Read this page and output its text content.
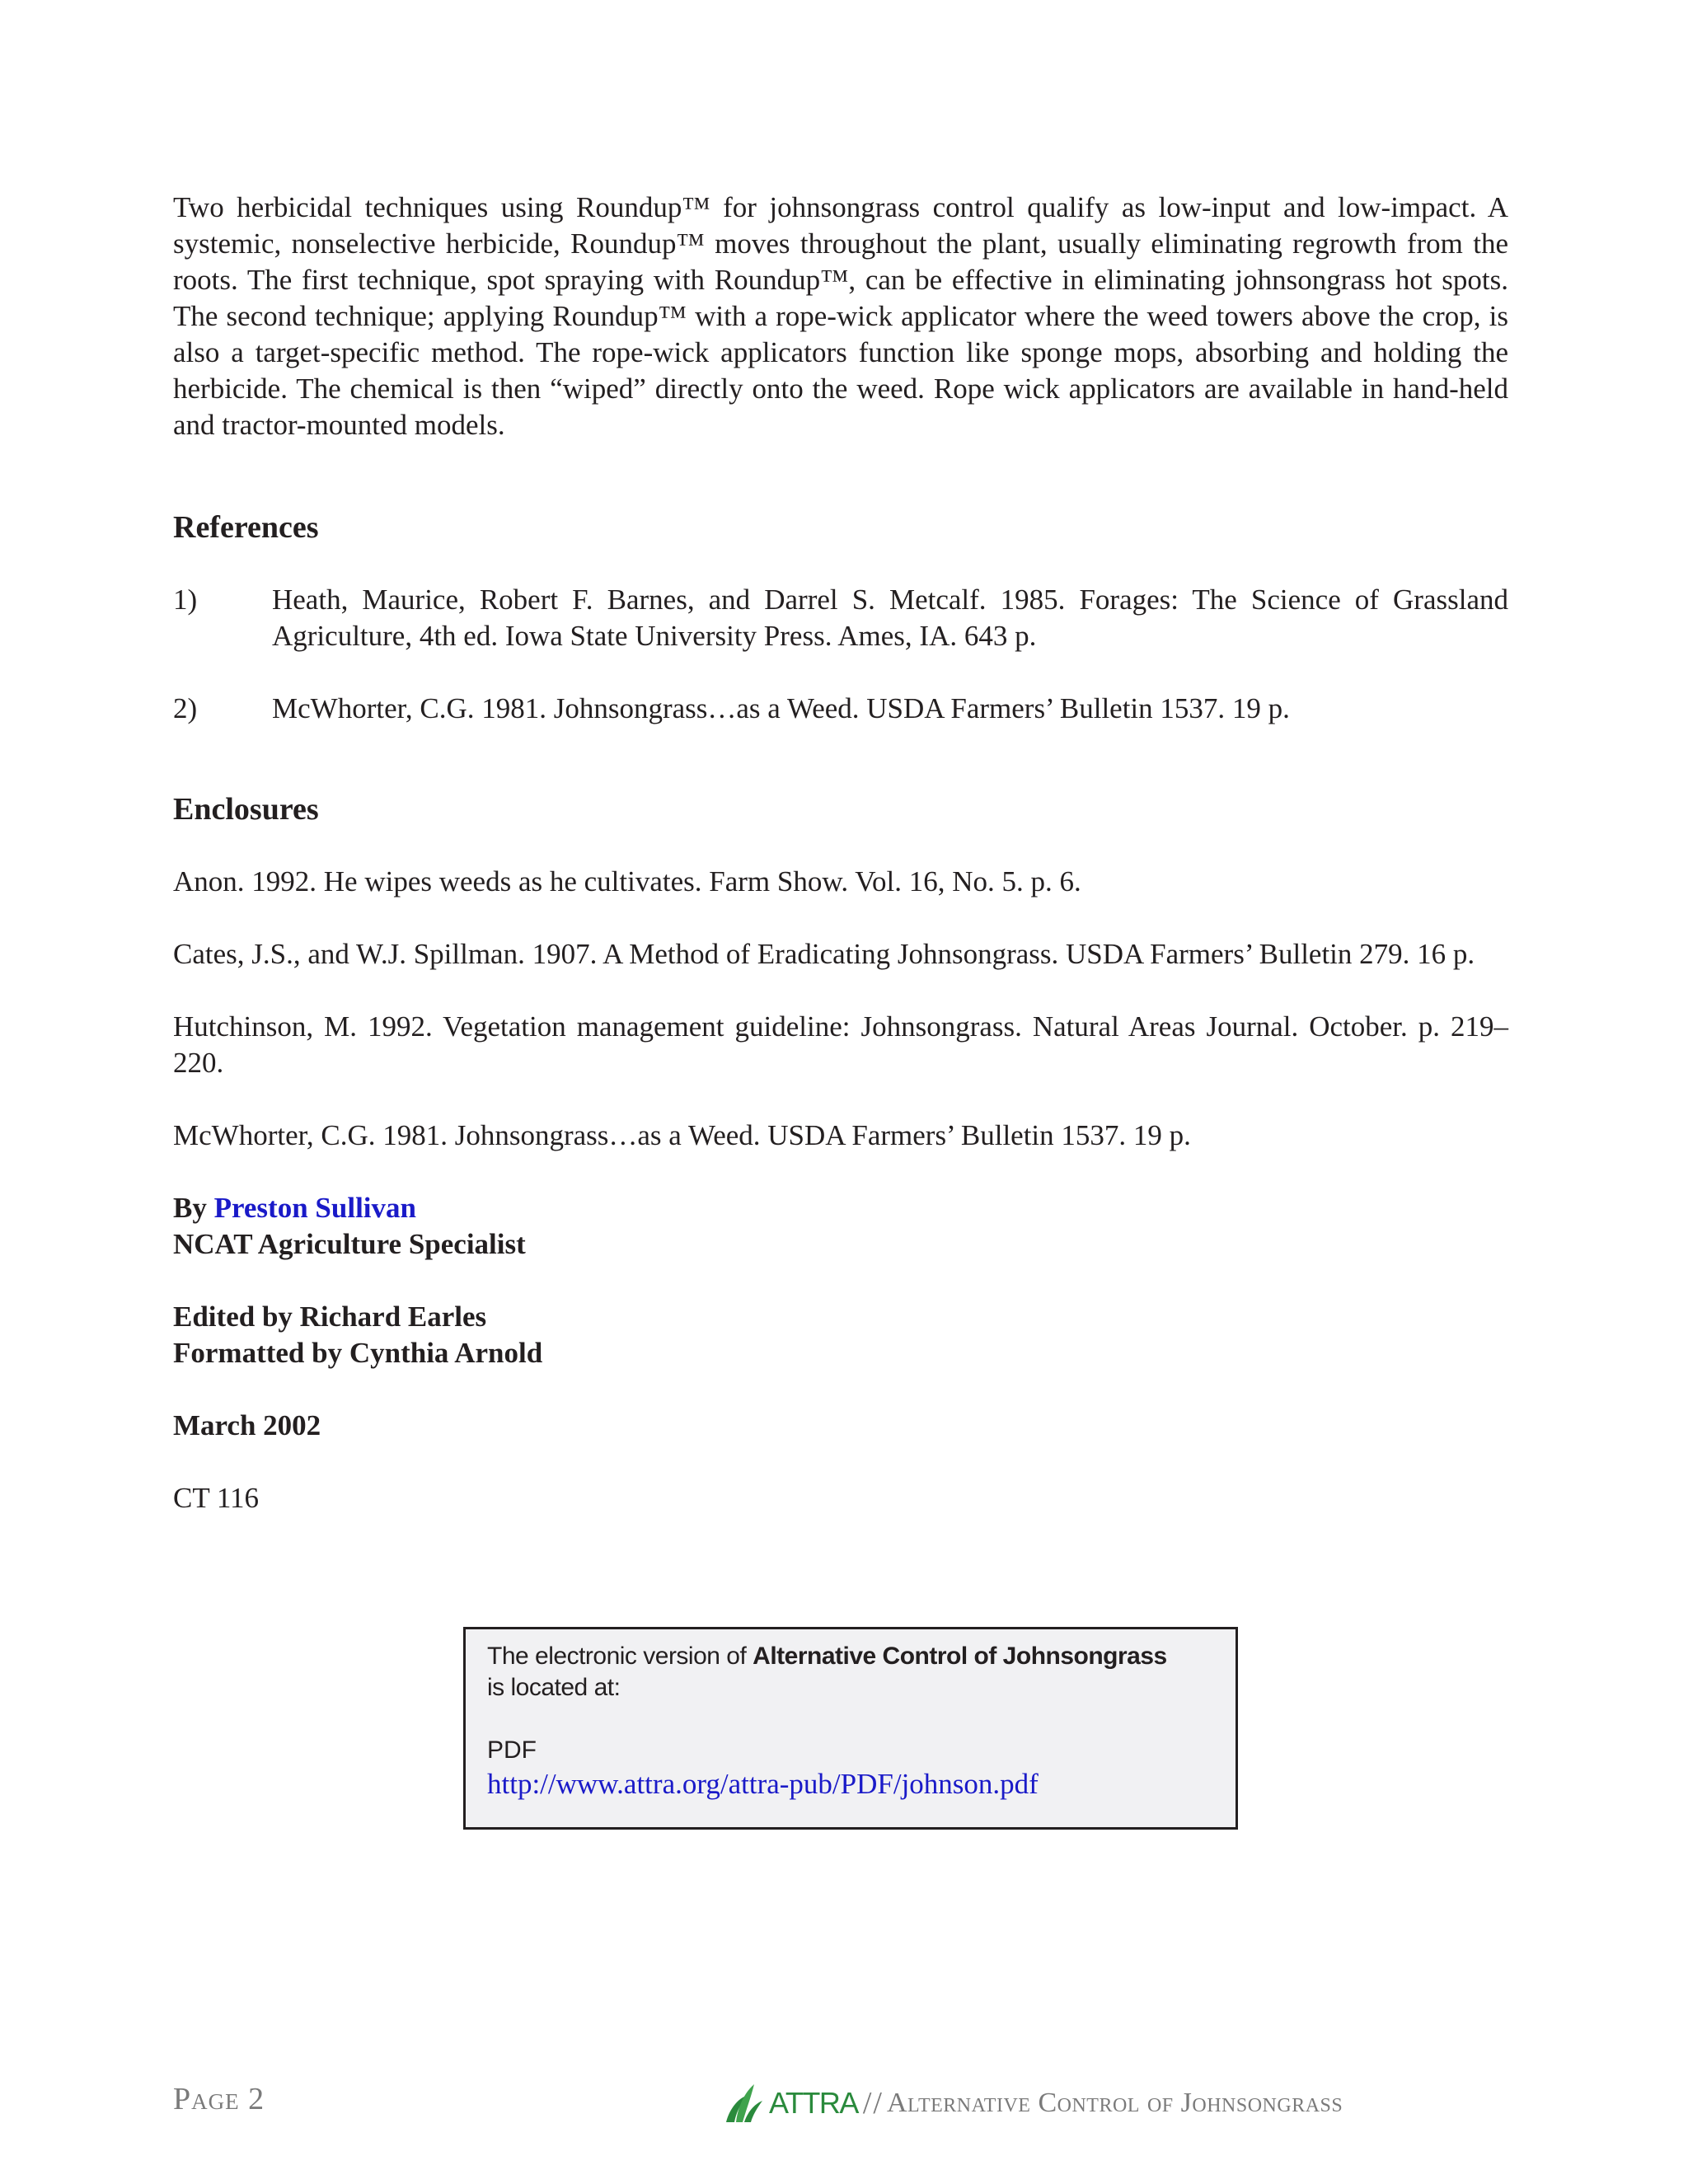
Two herbicidal techniques using Roundup™ for johnsongrass control qualify as low-input and low-impact. A systemic, nonselective herbicide, Roundup™ moves throughout the plant, usually eliminating regrowth from the roots. The first technique, spot spraying with Roundup™, can be effective in eliminating johnsongrass hot spots. The second technique; applying Roundup™ with a rope-wick applicator where the weed towers above the crop, is also a target-specific method. The rope-wick applicators function like sponge mops, absorbing and holding the herbicide. The chemical is then “wiped” directly onto the weed. Rope wick applicators are available in hand-held and tractor-mounted models.

References
1)	Heath, Maurice, Robert F. Barnes, and Darrel S. Metcalf. 1985. Forages: The Science of Grassland Agriculture, 4th ed. Iowa State University Press. Ames, IA. 643 p.
2)	McWhorter, C.G. 1981. Johnsongrass…as a Weed. USDA Farmers’ Bulletin 1537. 19 p.
Enclosures

Anon. 1992. He wipes weeds as he cultivates. Farm Show. Vol. 16, No. 5. p. 6.

Cates, J.S., and W.J. Spillman. 1907. A Method of Eradicating Johnsongrass. USDA Farmers’ Bulletin 279. 16 p.

Hutchinson, M. 1992. Vegetation management guideline: Johnsongrass. Natural Areas Journal. October. p. 219–220.

McWhorter, C.G. 1981. Johnsongrass…as a Weed. USDA Farmers’ Bulletin 1537. 19 p.

By Preston Sullivan

NCAT Agriculture Specialist

Edited by Richard Earles

Formatted by Cynthia Arnold

March 2002

CT 116

The electronic version of Alternative Control of Johnsongrass
is located at:
PDF
http://www.attra.org/attra-pub/PDF/johnson.pdf
Page 2	ATTRA // Alternative Control of Johnsongrass
